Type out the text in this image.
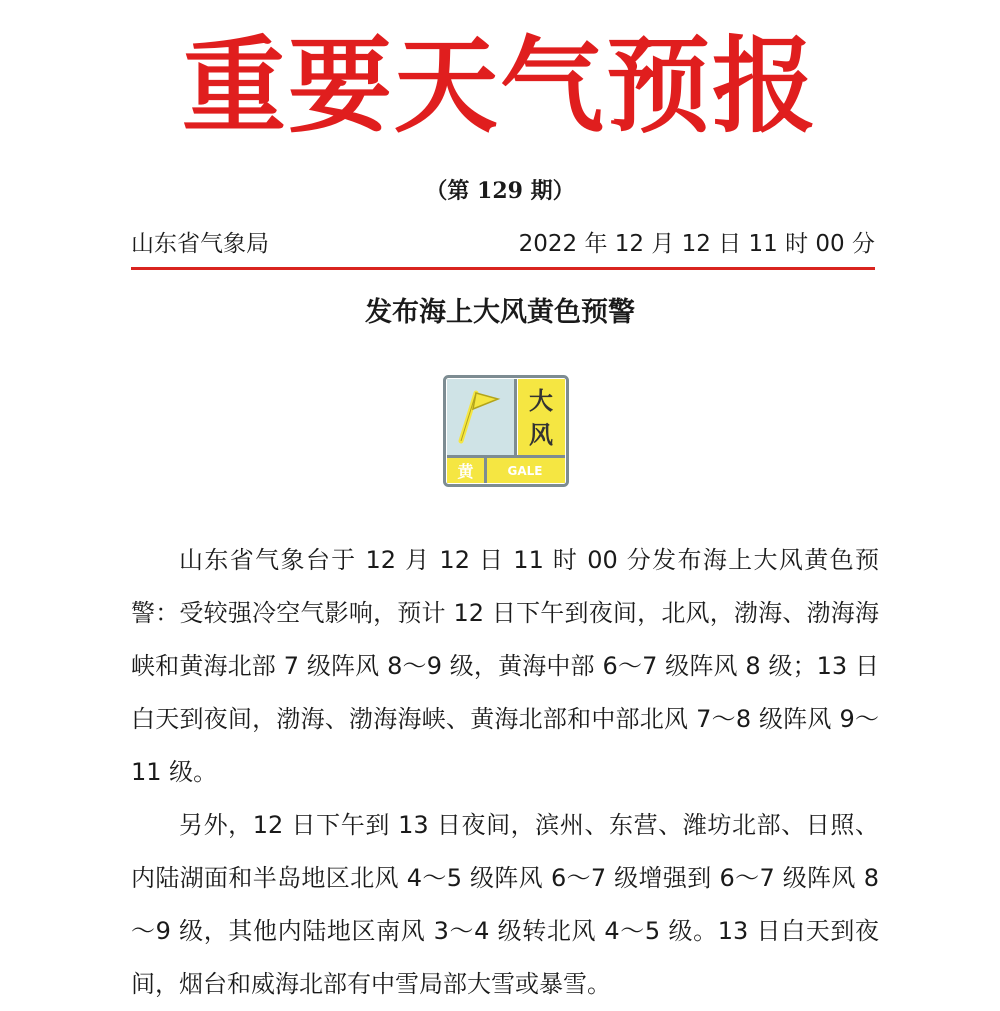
重要天气预报
（第 129 期）
山东省气象局	2022 年 12 月 12 日 11 时 00 分
发布海上大风黄色预警
大
风
黄	GALE

山东省气象台于 12 月 12 日 11 时 00 分发布海上大风黄色预警：受较强冷空气影响，预计 12 日下午到夜间，北风，渤海、渤海海峡和黄海北部 7 级阵风 8～9 级，黄海中部 6～7 级阵风 8 级；13 日白天到夜间，渤海、渤海海峡、黄海北部和中部北风 7～8 级阵风 9～11 级。

另外，12 日下午到 13 日夜间，滨州、东营、潍坊北部、日照、内陆湖面和半岛地区北风 4～5 级阵风 6～7 级增强到 6～7 级阵风 8～9 级，其他内陆地区南风 3～4 级转北风 4～5 级。13 日白天到夜间，烟台和威海北部有中雪局部大雪或暴雪。
